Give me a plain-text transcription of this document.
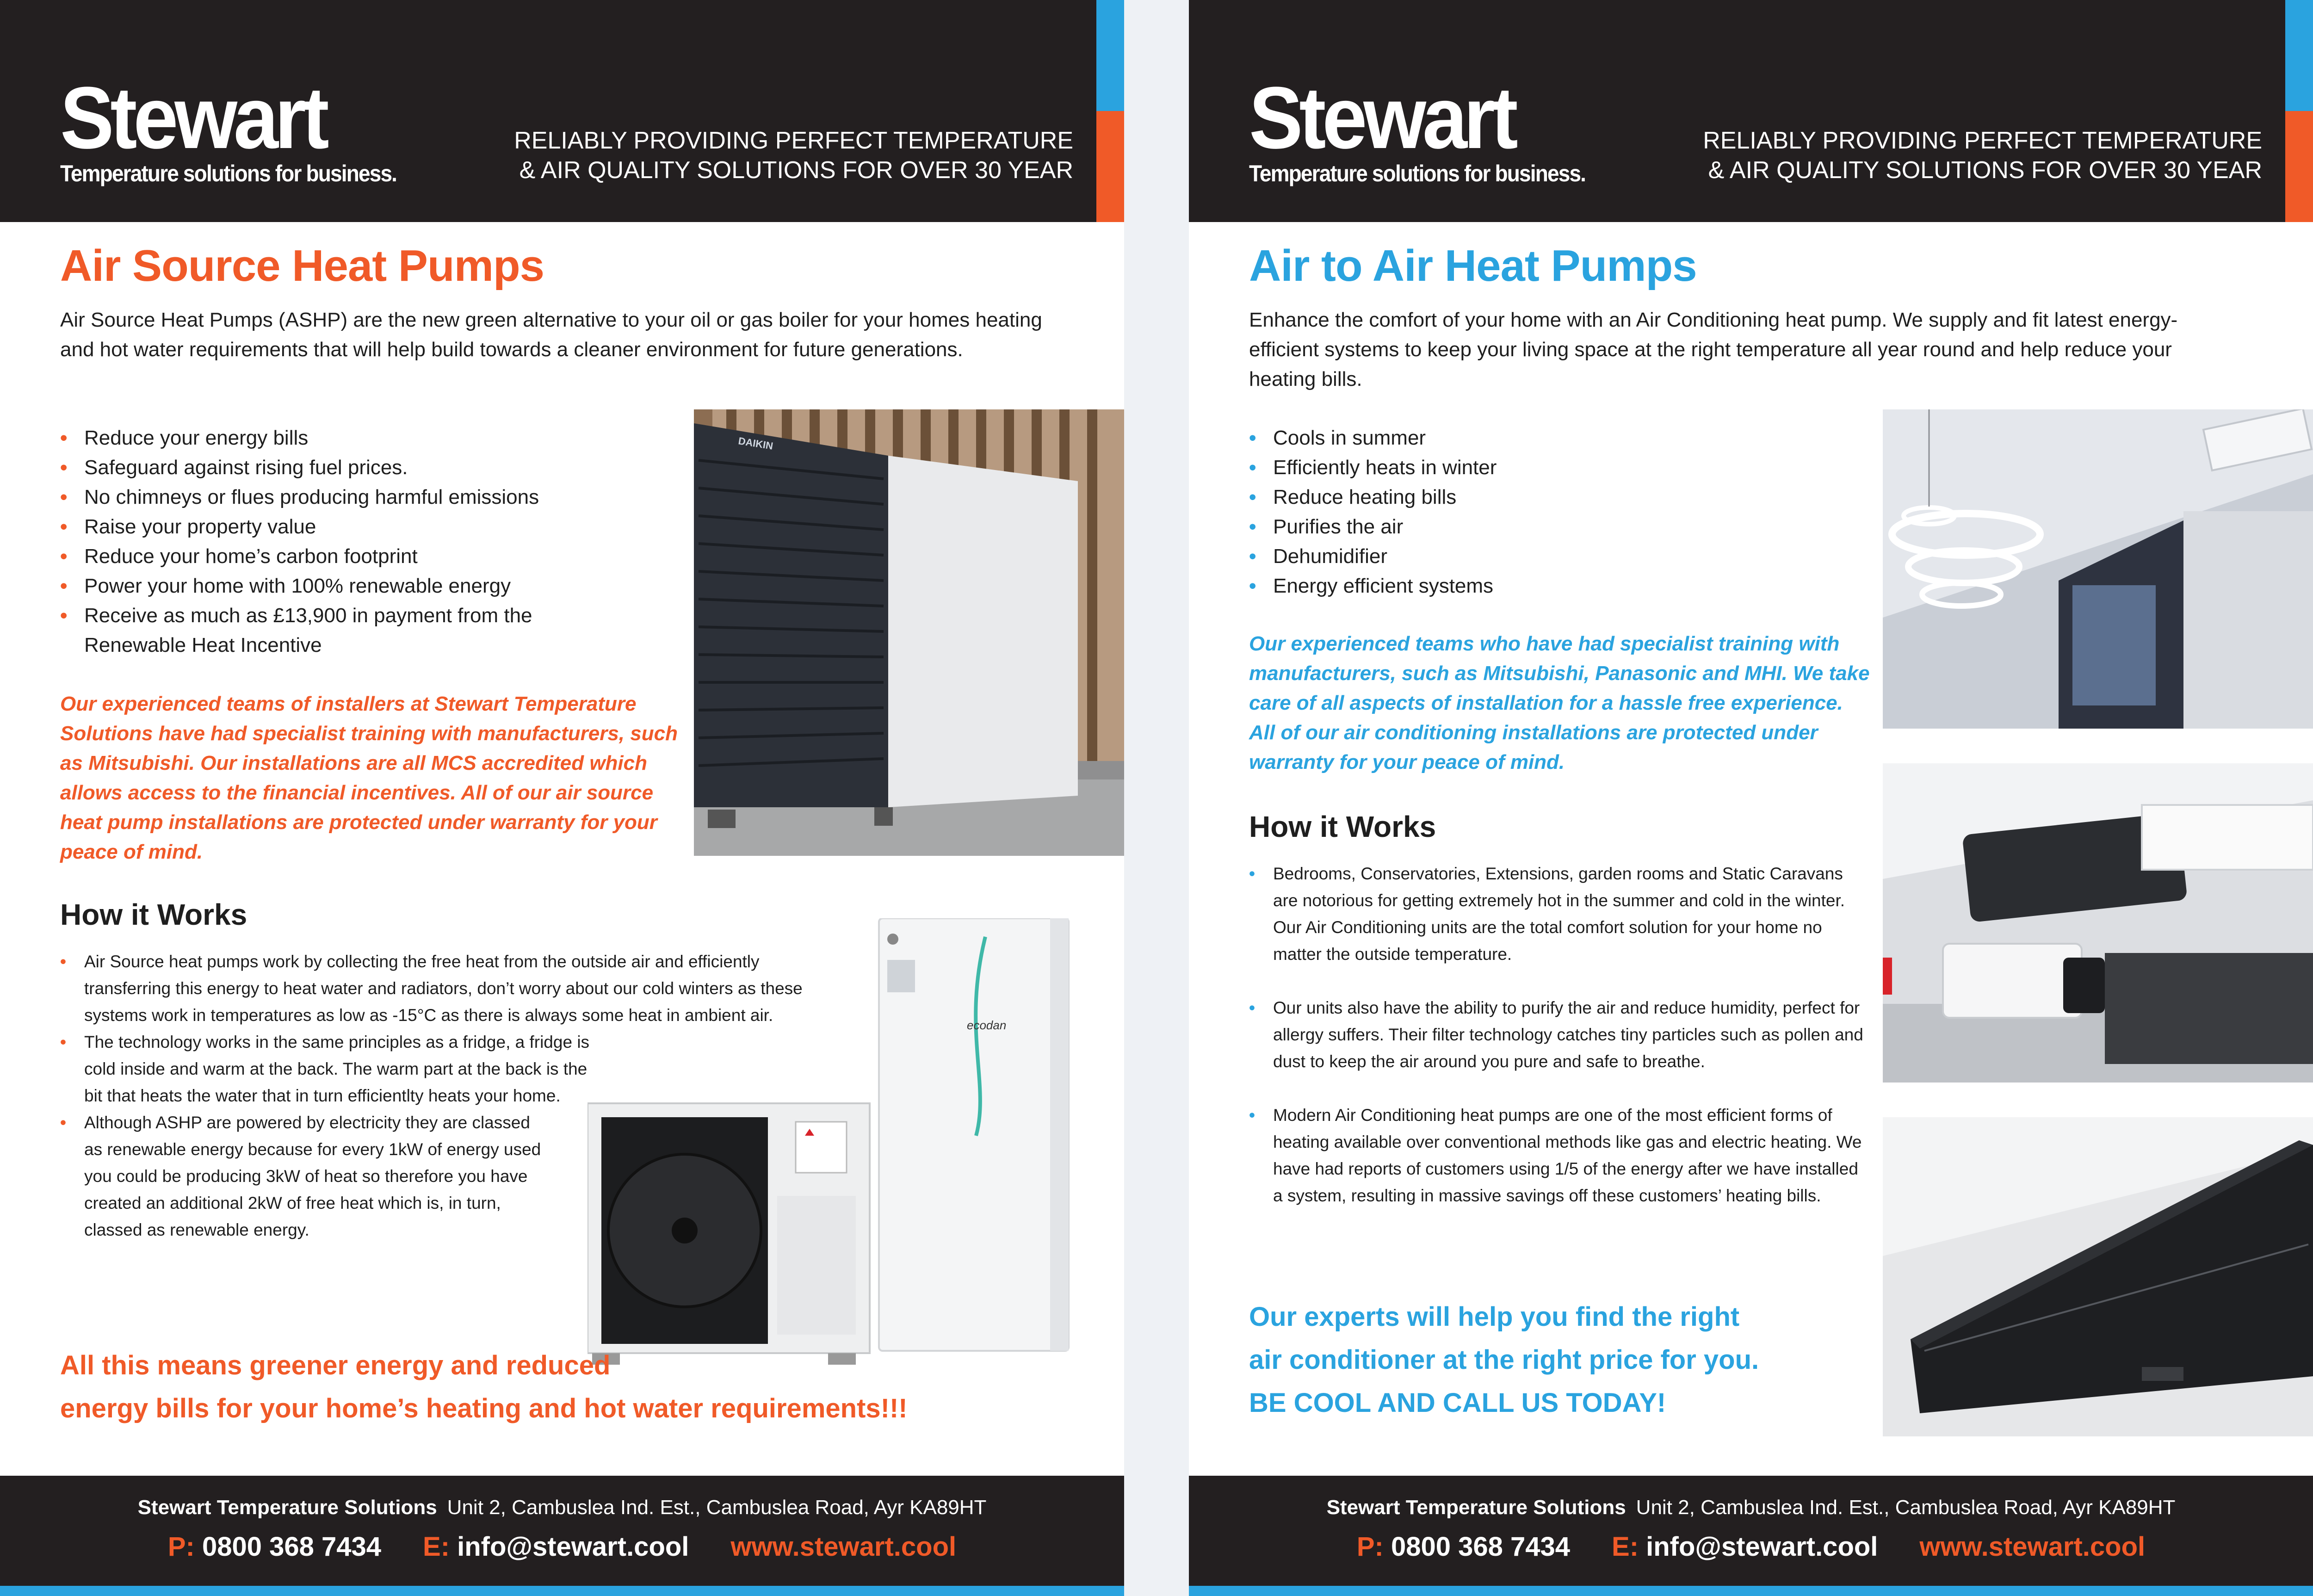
Stewart
Temperature solutions for business.
RELIABLY PROVIDING PERFECT TEMPERATURE
& AIR QUALITY SOLUTIONS FOR OVER 30 YEAR
Air Source Heat Pumps

Air Source Heat Pumps (ASHP) are the new green alternative to your oil or gas boiler for your homes heating and hot water requirements that will help build towards a cleaner environment for future generations.

• Reduce your energy bills
• Safeguard against rising fuel prices.
• No chimneys or flues producing harmful emissions
• Raise your property value
• Reduce your home’s carbon footprint
• Power your home with 100% renewable energy
• Receive as much as £13,900 in payment from the Renewable Heat Incentive
DAIKIN

Our experienced teams of installers at Stewart Temperature Solutions have had specialist training with manufacturers, such as Mitsubishi. Our installations are all MCS accredited which allows access to the financial incentives. All of our air source heat pump installations are protected under warranty for your peace of mind.

How it Works
ecodan
• Air Source heat pumps work by collecting the free heat from the outside air and efficiently transferring this energy to heat water and radiators, don’t worry about our cold winters as these systems work in temperatures as low as -15°C as there is always some heat in ambient air.
• The technology works in the same principles as a fridge, a fridge is cold inside and warm at the back. The warm part at the back is the bit that heats the water that in turn efficientlty heats your home.
• Although ASHP are powered by electricity they are classed as renewable energy because for every 1kW of energy used you could be producing 3kW of heat so therefore you have created an additional 2kW of free heat which is, in turn, classed as renewable energy.
All this means greener energy and reduced
energy bills for your home’s heating and hot water requirements!!!
Stewart Temperature Solutions Unit 2, Cambuslea Ind. Est., Cambuslea Road, Ayr KA89HT
P: 0800 368 7434 E: info@stewart.cool www.stewart.cool
Stewart
Temperature solutions for business.
RELIABLY PROVIDING PERFECT TEMPERATURE
& AIR QUALITY SOLUTIONS FOR OVER 30 YEAR
Air to Air Heat Pumps

Enhance the comfort of your home with an Air Conditioning heat pump. We supply and fit latest energy-efficient systems to keep your living space at the right temperature all year round and help reduce your heating bills.

• Cools in summer
• Efficiently heats in winter
• Reduce heating bills
• Purifies the air
• Dehumidifier
• Energy efficient systems

Our experienced teams who have had specialist training with manufacturers, such as Mitsubishi, Panasonic and MHI. We take care of all aspects of installation for a hassle free experience. All of our air conditioning installations are protected under warranty for your peace of mind.

How it Works
• Bedrooms, Conservatories, Extensions, garden rooms and Static Caravans are notorious for getting extremely hot in the summer and cold in the winter. Our Air Conditioning units are the total comfort solution for your home no matter the outside temperature.
• Our units also have the ability to purify the air and reduce humidity, perfect for allergy suffers. Their filter technology catches tiny particles such as pollen and dust to keep the air around you pure and safe to breathe.
• Modern Air Conditioning heat pumps are one of the most efficient forms of heating available over conventional methods like gas and electric heating. We have had reports of customers using 1/5 of the energy after we have installed a system, resulting in massive savings off these customers’ heating bills.
Our experts will help you find the right
air conditioner at the right price for you.
BE COOL AND CALL US TODAY!
Stewart Temperature Solutions Unit 2, Cambuslea Ind. Est., Cambuslea Road, Ayr KA89HT
P: 0800 368 7434 E: info@stewart.cool www.stewart.cool
